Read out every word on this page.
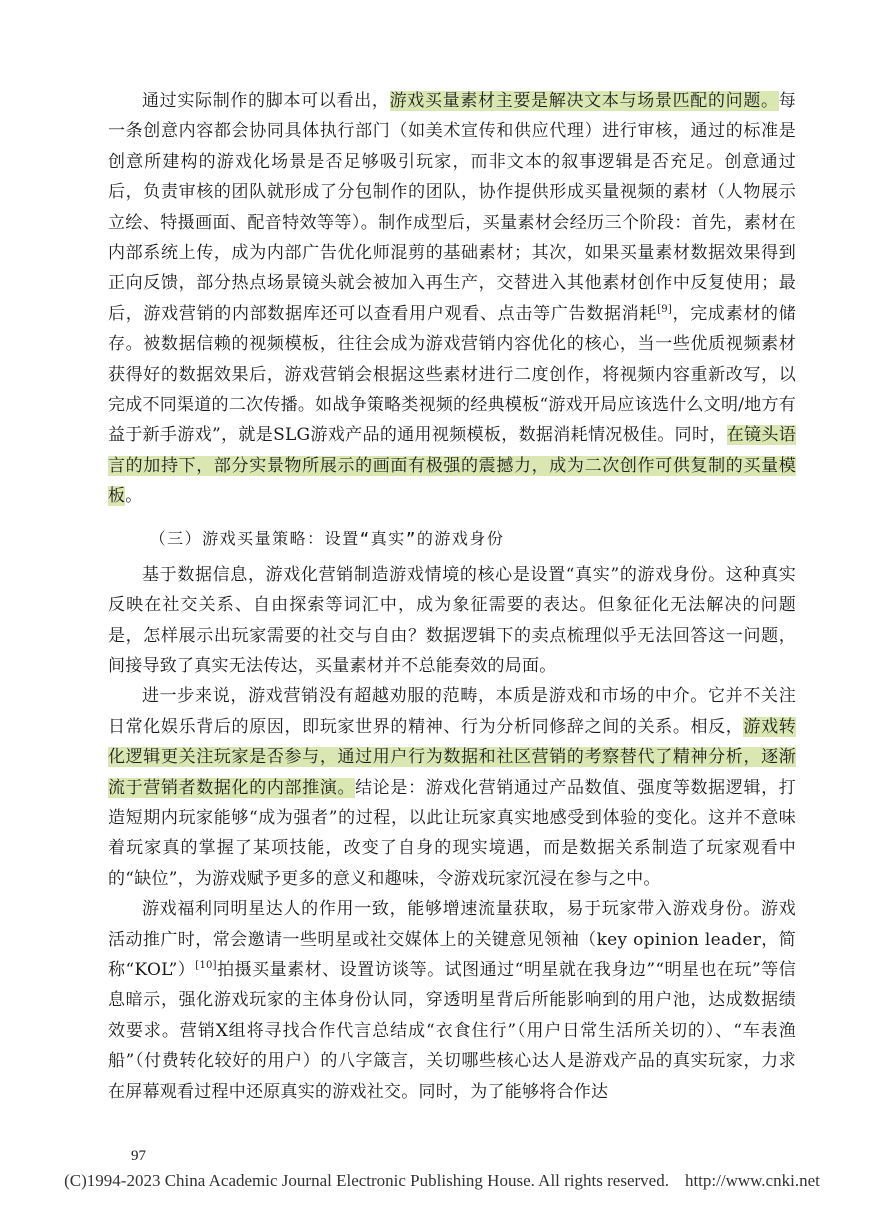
通过实际制作的脚本可以看出，游戏买量素材主要是解决文本与场景匹配的问题。每一条创意内容都会协同具体执行部门（如美术宣传和供应代理）进行审核，通过的标准是创意所建构的游戏化场景是否足够吸引玩家，而非文本的叙事逻辑是否充足。创意通过后，负责审核的团队就形成了分包制作的团队，协作提供形成买量视频的素材（人物展示立绘、特摄画面、配音特效等等）。制作成型后，买量素材会经历三个阶段：首先，素材在内部系统上传，成为内部广告优化师混剪的基础素材；其次，如果买量素材数据效果得到正向反馈，部分热点场景镜头就会被加入再生产，交替进入其他素材创作中反复使用；最后，游戏营销的内部数据库还可以查看用户观看、点击等广告数据消耗[9]，完成素材的储存。被数据信赖的视频模板，往往会成为游戏营销内容优化的核心，当一些优质视频素材获得好的数据效果后，游戏营销会根据这些素材进行二度创作，将视频内容重新改写，以完成不同渠道的二次传播。如战争策略类视频的经典模板“游戏开局应该选什么文明/地方有益于新手游戏”，就是SLG游戏产品的通用视频模板，数据消耗情况极佳。同时，在镜头语言的加持下，部分实景物所展示的画面有极强的震撼力，成为二次创作可供复制的买量模板。

（三）游戏买量策略：设置“真实”的游戏身份

基于数据信息，游戏化营销制造游戏情境的核心是设置“真实”的游戏身份。这种真实反映在社交关系、自由探索等词汇中，成为象征需要的表达。但象征化无法解决的问题是，怎样展示出玩家需要的社交与自由？数据逻辑下的卖点梳理似乎无法回答这一问题，间接导致了真实无法传达，买量素材并不总能奏效的局面。

进一步来说，游戏营销没有超越劝服的范畴，本质是游戏和市场的中介。它并不关注日常化娱乐背后的原因，即玩家世界的精神、行为分析同修辞之间的关系。相反，游戏转化逻辑更关注玩家是否参与，通过用户行为数据和社区营销的考察替代了精神分析，逐渐流于营销者数据化的内部推演。结论是：游戏化营销通过产品数值、强度等数据逻辑，打造短期内玩家能够“成为强者”的过程，以此让玩家真实地感受到体验的变化。这并不意味着玩家真的掌握了某项技能，改变了自身的现实境遇，而是数据关系制造了玩家观看中的“缺位”，为游戏赋予更多的意义和趣味，令游戏玩家沉浸在参与之中。

游戏福利同明星达人的作用一致，能够增速流量获取，易于玩家带入游戏身份。游戏活动推广时，常会邀请一些明星或社交媒体上的关键意见领袖（key opinion leader，简称“KOL”）[10]拍摄买量素材、设置访谈等。试图通过“明星就在我身边”“明星也在玩”等信息暗示，强化游戏玩家的主体身份认同，穿透明星背后所能影响到的用户池，达成数据绩效要求。营销X组将寻找合作代言总结成“衣食住行”（用户日常生活所关切的）、“车表渔船”（付费转化较好的用户）的八字箴言，关切哪些核心达人是游戏产品的真实玩家，力求在屏幕观看过程中还原真实的游戏社交。同时，为了能够将合作达

97
(C)1994-2023 China Academic Journal Electronic Publishing House. All rights reserved. http://www.cnki.net
